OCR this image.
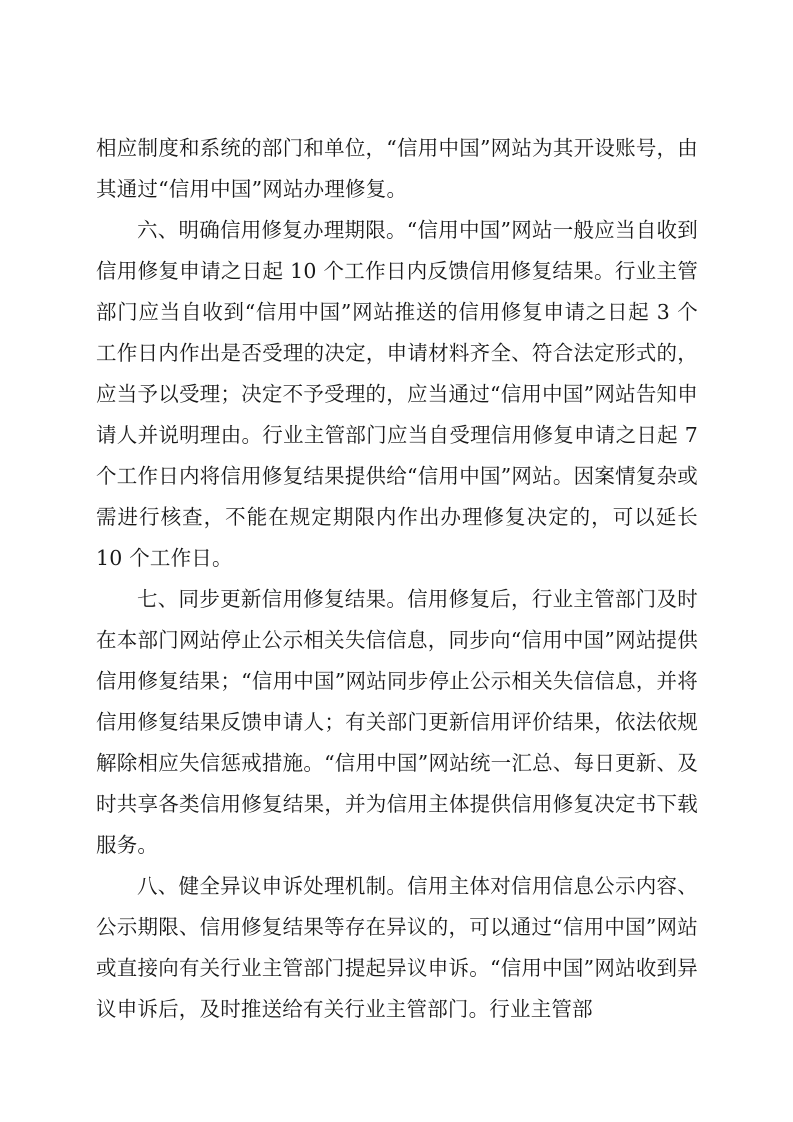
相应制度和系统的部门和单位，“信用中国”网站为其开设账号，由其通过“信用中国”网站办理修复。

六、明确信用修复办理期限。“信用中国”网站一般应当自收到信用修复申请之日起 10 个工作日内反馈信用修复结果。行业主管部门应当自收到“信用中国”网站推送的信用修复申请之日起 3 个工作日内作出是否受理的决定，申请材料齐全、符合法定形式的，应当予以受理；决定不予受理的，应当通过“信用中国”网站告知申请人并说明理由。行业主管部门应当自受理信用修复申请之日起 7 个工作日内将信用修复结果提供给“信用中国”网站。因案情复杂或需进行核查，不能在规定期限内作出办理修复决定的，可以延长 10 个工作日。

七、同步更新信用修复结果。信用修复后，行业主管部门及时在本部门网站停止公示相关失信信息，同步向“信用中国”网站提供信用修复结果；“信用中国”网站同步停止公示相关失信信息，并将信用修复结果反馈申请人；有关部门更新信用评价结果，依法依规解除相应失信惩戒措施。“信用中国”网站统一汇总、每日更新、及时共享各类信用修复结果，并为信用主体提供信用修复决定书下载服务。

八、健全异议申诉处理机制。信用主体对信用信息公示内容、公示期限、信用修复结果等存在异议的，可以通过“信用中国”网站或直接向有关行业主管部门提起异议申诉。“信用中国”网站收到异议申诉后，及时推送给有关行业主管部门。行业主管部
